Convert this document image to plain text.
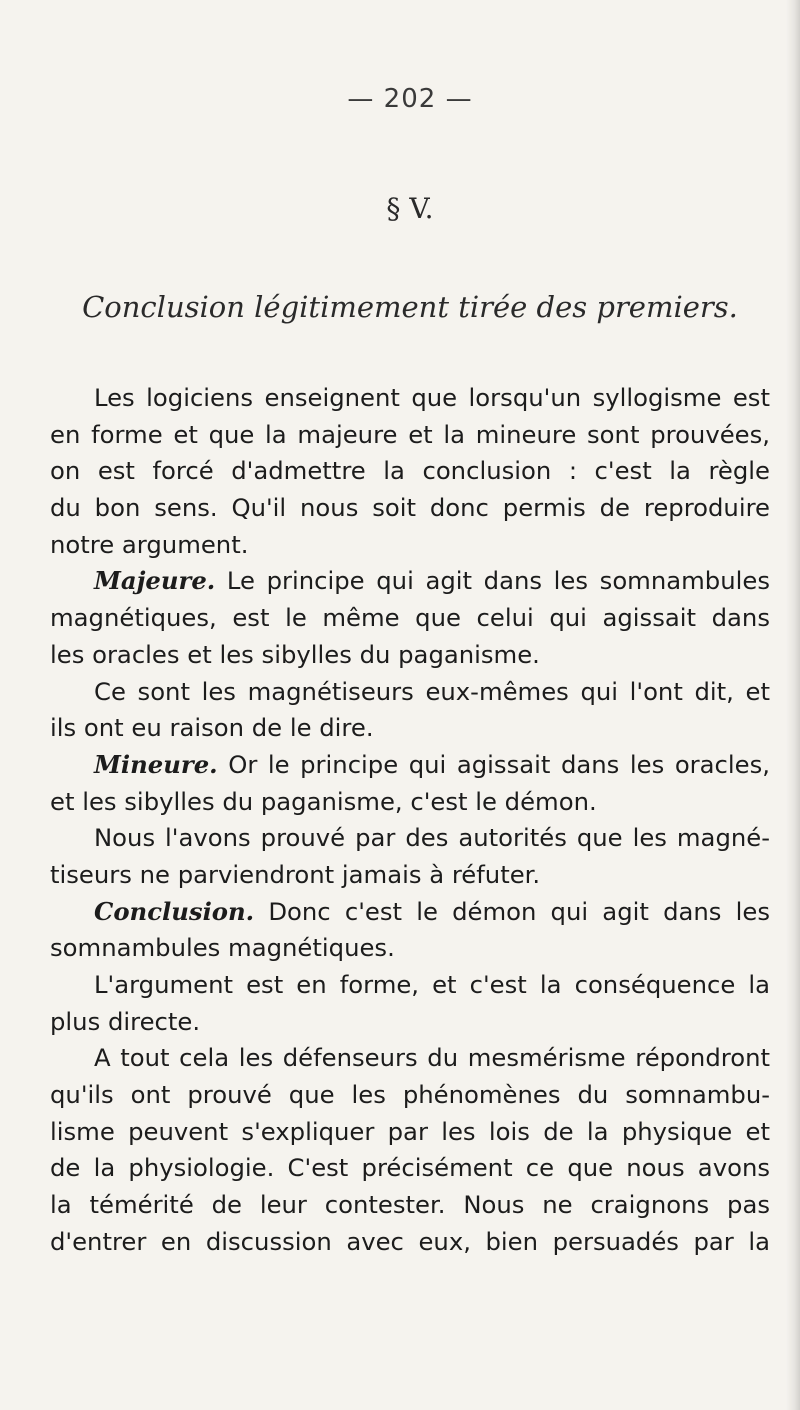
— 202 —
§ V.
Conclusion légitimement tirée des premiers.
Les logiciens enseignent que lorsqu'un syllogisme est
en forme et que la majeure et la mineure sont prouvées,
on est forcé d'admettre la conclusion : c'est la règle
du bon sens. Qu'il nous soit donc permis de reproduire
notre argument.
Majeure. Le principe qui agit dans les somnambules
magnétiques, est le même que celui qui agissait dans
les oracles et les sibylles du paganisme.
Ce sont les magnétiseurs eux-mêmes qui l'ont dit, et
ils ont eu raison de le dire.
Mineure. Or le principe qui agissait dans les oracles,
et les sibylles du paganisme, c'est le démon.
Nous l'avons prouvé par des autorités que les magné-
tiseurs ne parviendront jamais à réfuter.
Conclusion. Donc c'est le démon qui agit dans les
somnambules magnétiques.
L'argument est en forme, et c'est la conséquence la
plus directe.
A tout cela les défenseurs du mesmérisme répondront
qu'ils ont prouvé que les phénomènes du somnambu-
lisme peuvent s'expliquer par les lois de la physique et
de la physiologie. C'est précisément ce que nous avons
la témérité de leur contester. Nous ne craignons pas
d'entrer en discussion avec eux, bien persuadés par la
